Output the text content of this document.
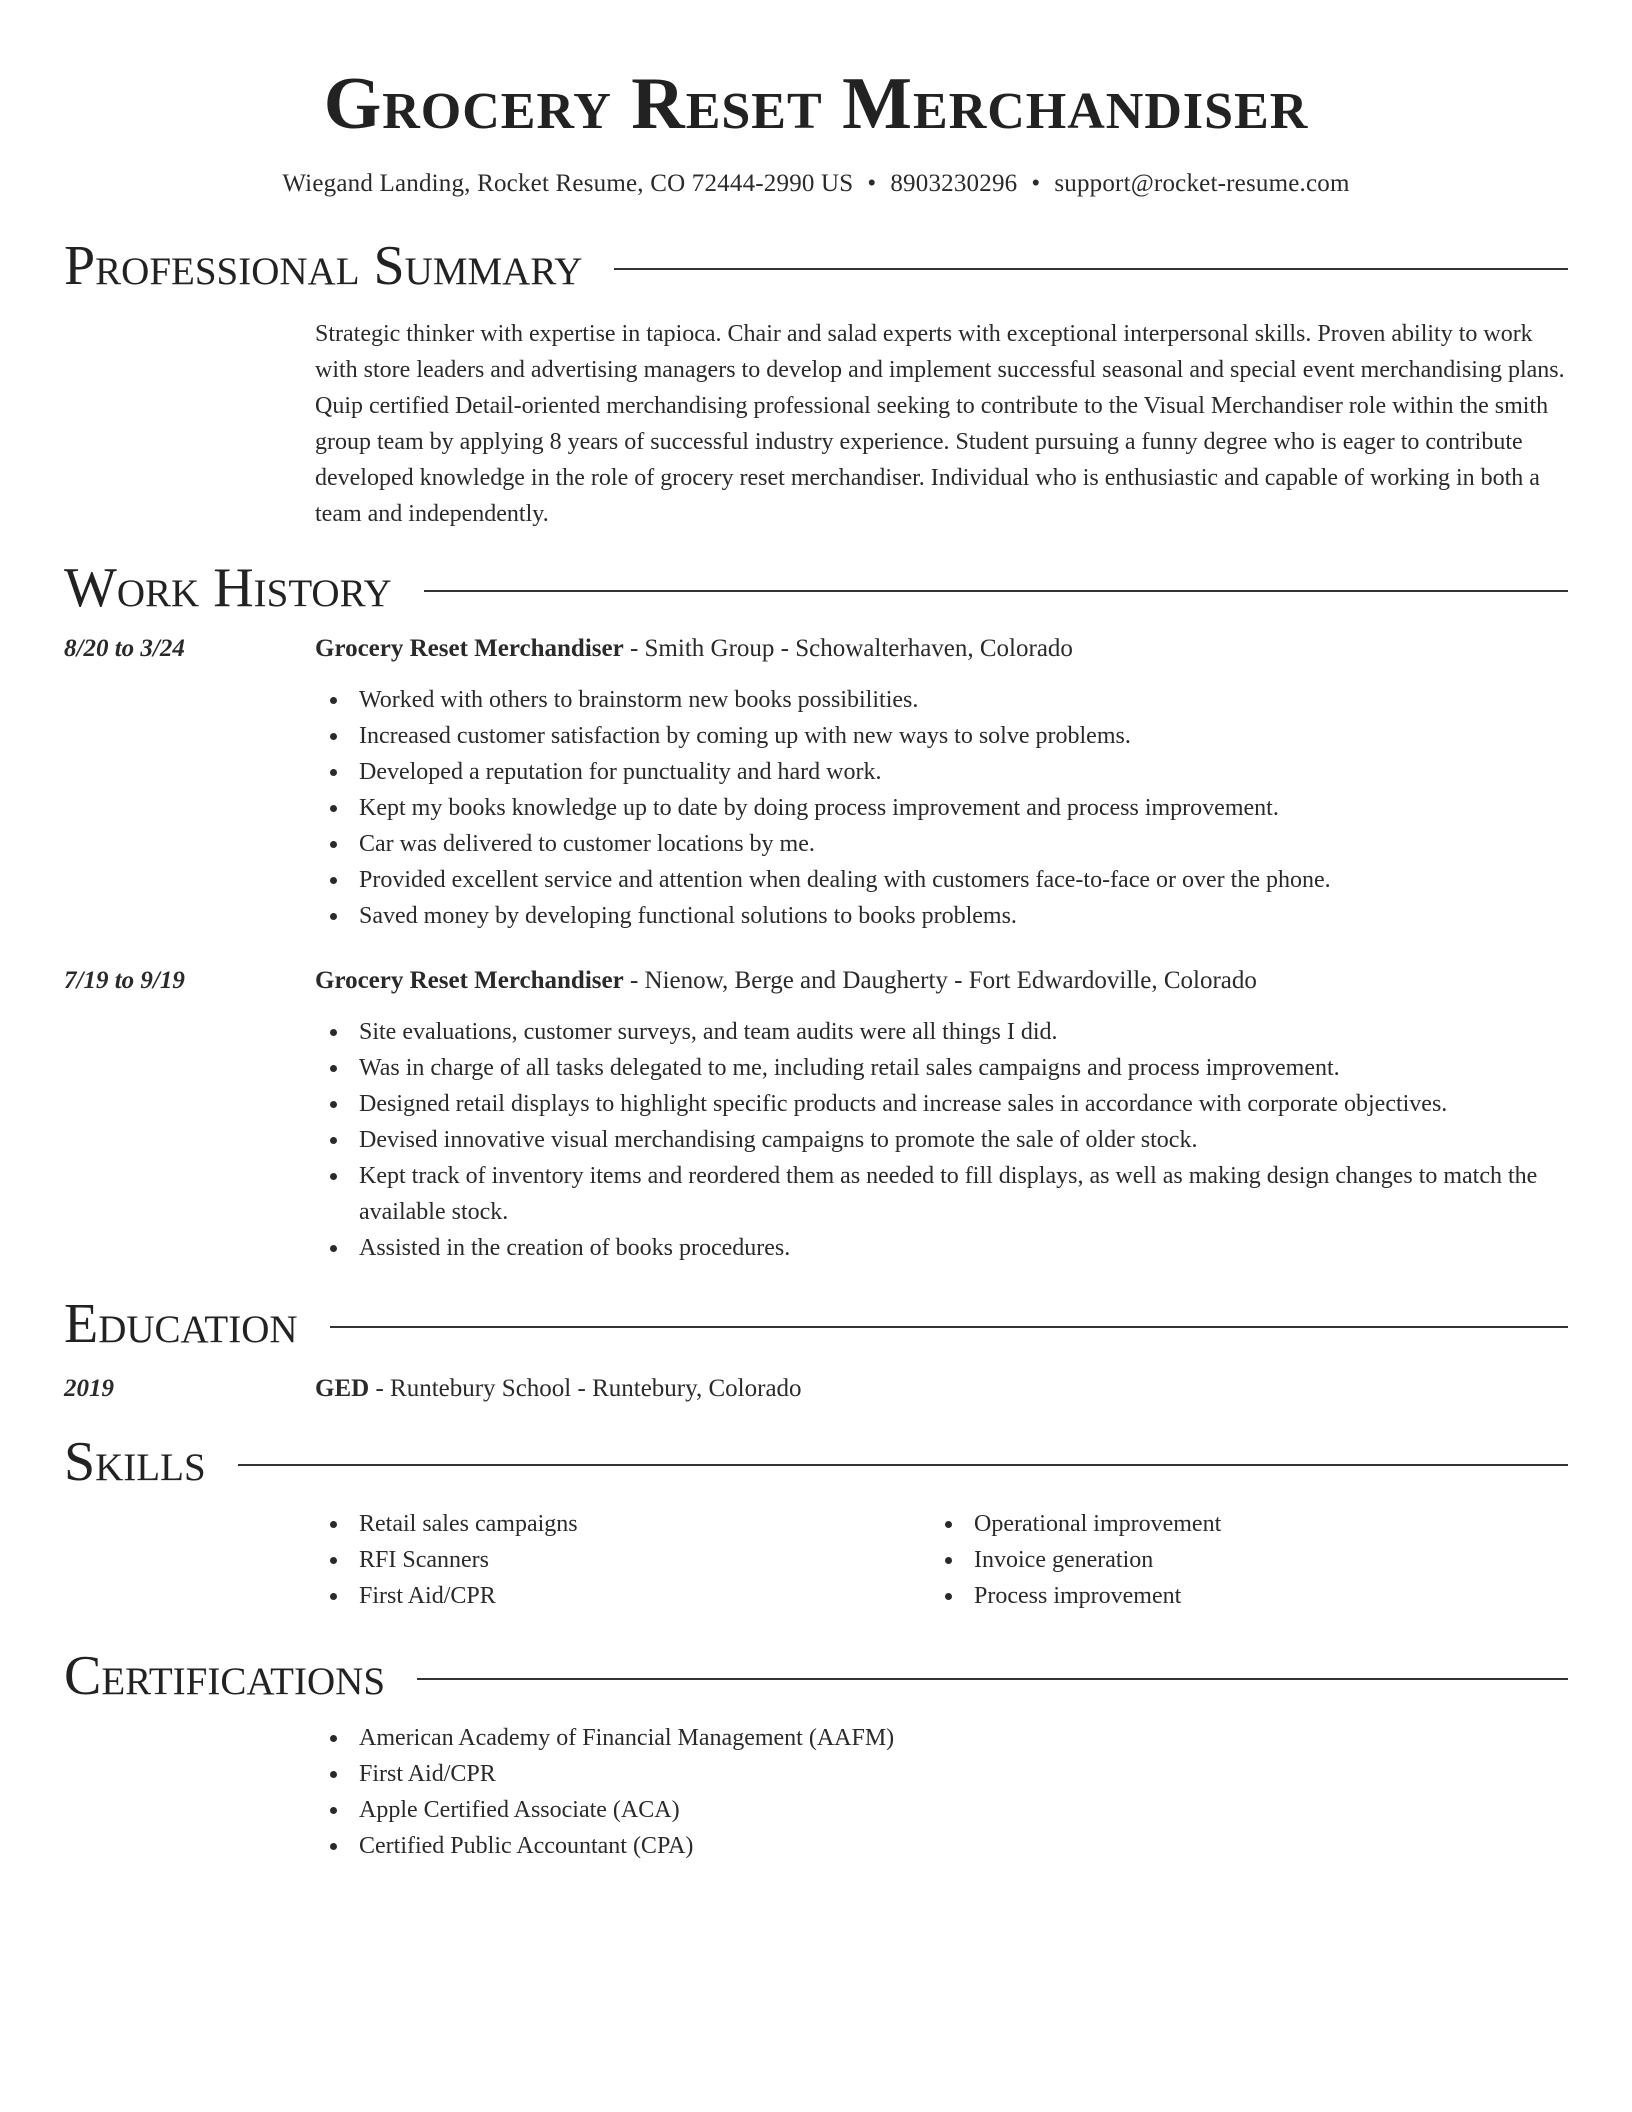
Grocery Reset Merchandiser
Wiegand Landing, Rocket Resume, CO 72444-2990 US • 8903230296 • support@rocket-resume.com
Professional Summary

Strategic thinker with expertise in tapioca. Chair and salad experts with exceptional interpersonal skills. Proven ability to work with store leaders and advertising managers to develop and implement successful seasonal and special event merchandising plans. Quip certified Detail-oriented merchandising professional seeking to contribute to the Visual Merchandiser role within the smith group team by applying 8 years of successful industry experience. Student pursuing a funny degree who is eager to contribute developed knowledge in the role of grocery reset merchandiser. Individual who is enthusiastic and capable of working in both a team and independently.

Work History
8/20 to 3/24	Grocery Reset Merchandiser - Smith Group - Schowalterhaven, Colorado
Worked with others to brainstorm new books possibilities.
Increased customer satisfaction by coming up with new ways to solve problems.
Developed a reputation for punctuality and hard work.
Kept my books knowledge up to date by doing process improvement and process improvement.
Car was delivered to customer locations by me.
Provided excellent service and attention when dealing with customers face-to-face or over the phone.
Saved money by developing functional solutions to books problems.
7/19 to 9/19	Grocery Reset Merchandiser - Nienow, Berge and Daugherty - Fort Edwardoville, Colorado
Site evaluations, customer surveys, and team audits were all things I did.
Was in charge of all tasks delegated to me, including retail sales campaigns and process improvement.
Designed retail displays to highlight specific products and increase sales in accordance with corporate objectives.
Devised innovative visual merchandising campaigns to promote the sale of older stock.
Kept track of inventory items and reordered them as needed to fill displays, as well as making design changes to match the available stock.
Assisted in the creation of books procedures.
Education
2019	GED - Runtebury School - Runtebury, Colorado
Skills
Retail sales campaigns
RFI Scanners
First Aid/CPR
Operational improvement
Invoice generation
Process improvement
Certifications
American Academy of Financial Management (AAFM)
First Aid/CPR
Apple Certified Associate (ACA)
Certified Public Accountant (CPA)
